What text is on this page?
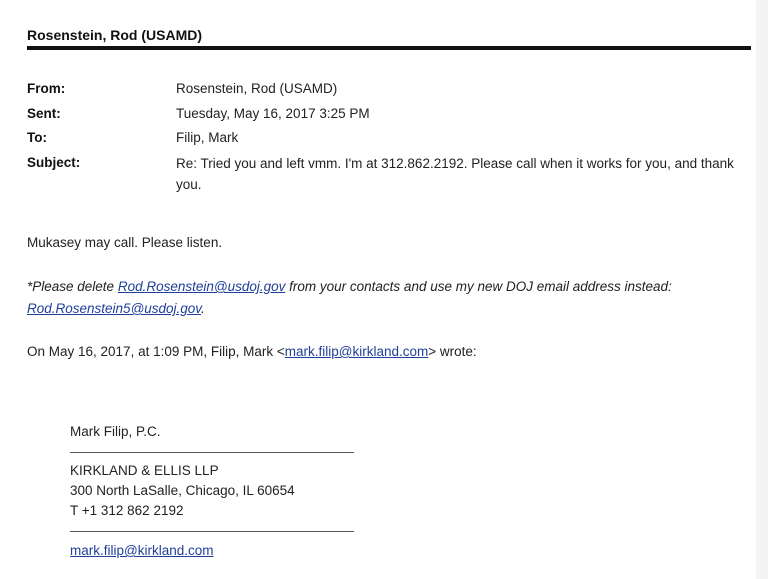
Rosenstein, Rod (USAMD)
From:	Rosenstein, Rod (USAMD)
Sent:	Tuesday, May 16, 2017 3:25 PM
To:	Filip, Mark
Subject:	Re: Tried you and left vmm. I'm at 312.862.2192. Please call when it works for you, and thank you.
Mukasey may call. Please listen.
*Please delete Rod.Rosenstein@usdoj.gov from your contacts and use my new DOJ email address instead: Rod.Rosenstein5@usdoj.gov.
On May 16, 2017, at 1:09 PM, Filip, Mark <mark.filip@kirkland.com> wrote:
Mark Filip, P.C.
KIRKLAND & ELLIS LLP
300 North LaSalle, Chicago, IL 60654
T +1 312 862 2192
mark.filip@kirkland.com
